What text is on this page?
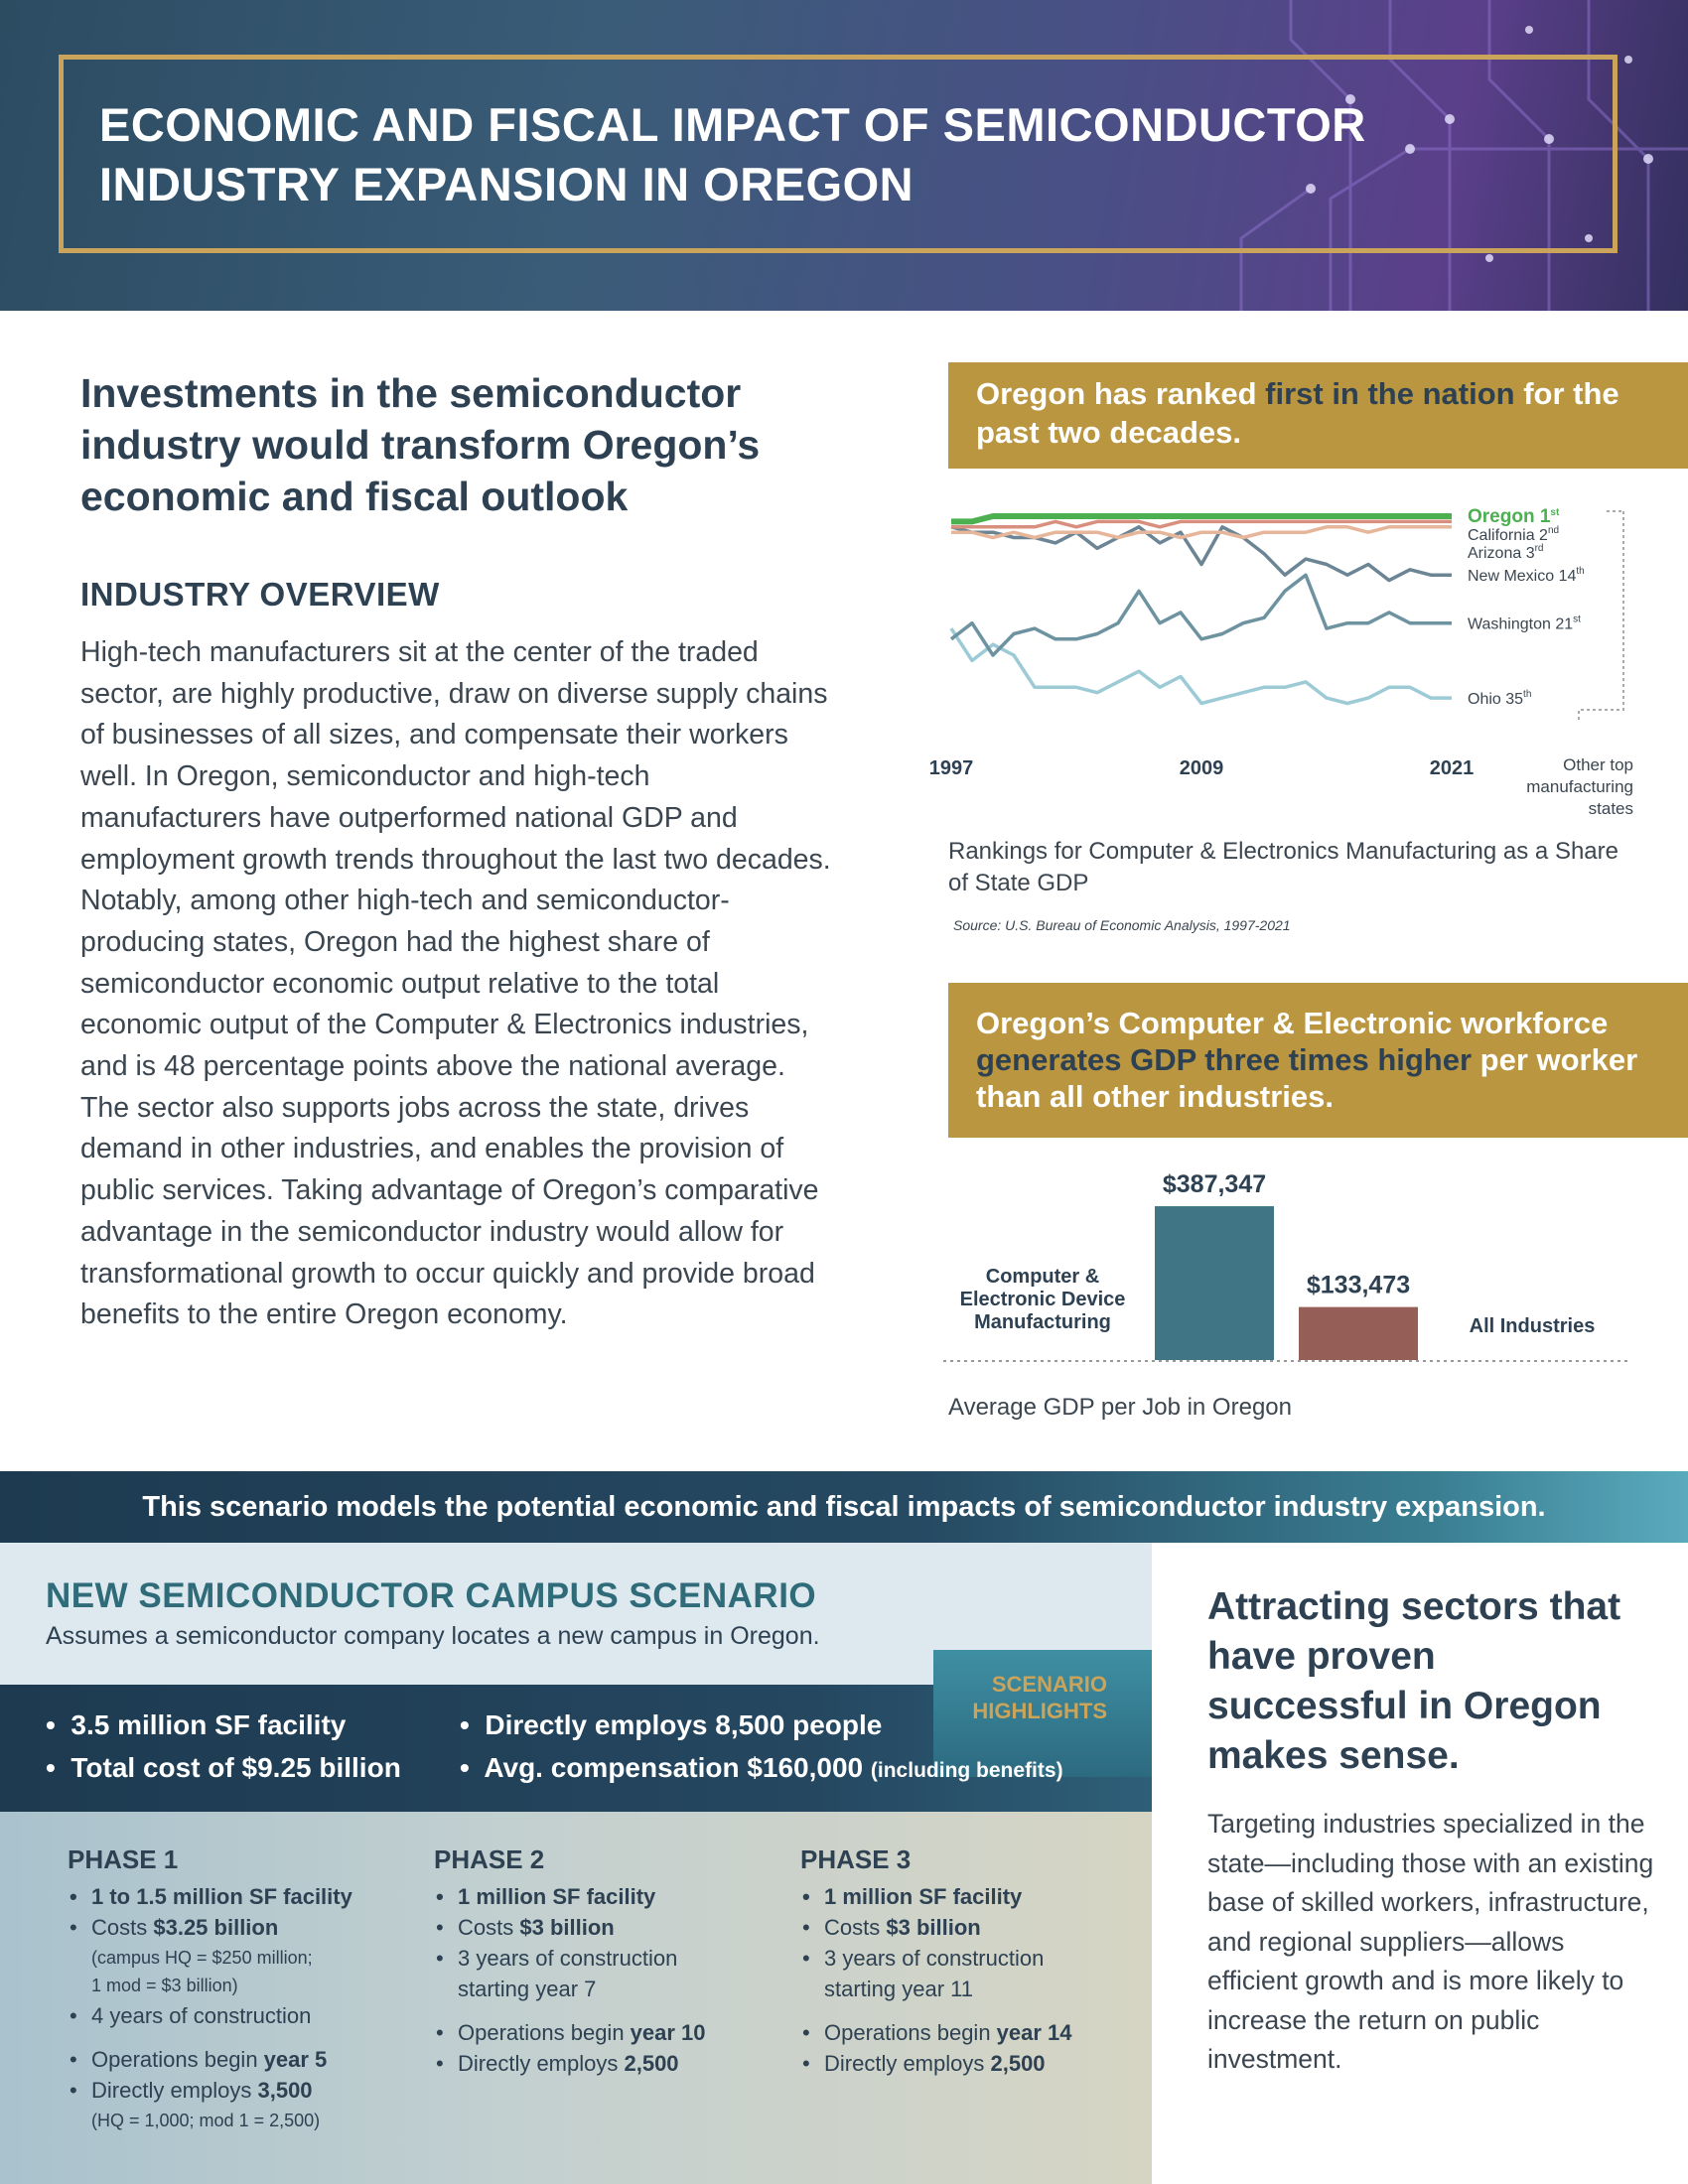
ECONOMIC AND FISCAL IMPACT OF SEMICONDUCTOR
INDUSTRY EXPANSION IN OREGON
Investments in the semiconductor industry would transform Oregon’s economic and fiscal outlook
INDUSTRY OVERVIEW
High-tech manufacturers sit at the center of the traded sector, are highly productive, draw on diverse supply chains of businesses of all sizes, and compensate their workers well. In Oregon, semiconductor and high-tech manufacturers have outperformed national GDP and employment growth trends throughout the last two decades. Notably, among other high-tech and semiconductor-producing states, Oregon had the highest share of semiconductor economic output relative to the total economic output of the Computer & Electronics industries, and is 48 percentage points above the national average. The sector also supports jobs across the state, drives demand in other industries, and enables the provision of public services. Taking advantage of Oregon’s comparative advantage in the semiconductor industry would allow for transformational growth to occur quickly and provide broad benefits to the entire Oregon economy.
Oregon has ranked first in the nation for the past two decades.
Oregon 1st
California 2nd
Arizona 3rd
New Mexico 14th
Washington 21st
Ohio 35th
1997	2009	2021	Other top
manufacturing
states
Rankings for Computer & Electronics Manufacturing as a Share of State GDP
Source: U.S. Bureau of Economic Analysis, 1997-2021
Oregon’s Computer & Electronic workforce generates GDP three times higher per worker than all other industries.
$387,347
$133,473
Computer & Electronic Device Manufacturing	All Industries
Average GDP per Job in Oregon
This scenario models the potential economic and fiscal impacts of semiconductor industry expansion.
NEW SEMICONDUCTOR CAMPUS SCENARIO
Assumes a semiconductor company locates a new campus in Oregon.
SCENARIO
HIGHLIGHTS
•  3.5 million SF facility
•  Total cost of $9.25 billion
•  Directly employs 8,500 people
•  Avg. compensation $160,000 (including benefits)
PHASE 1
• 1 to 1.5 million SF facility
• Costs $3.25 billion
(campus HQ = $250 million;
1 mod = $3 billion)
• 4 years of construction
• Operations begin year 5
• Directly employs 3,500
(HQ = 1,000; mod 1 = 2,500)
PHASE 2
• 1 million SF facility
• Costs $3 billion
• 3 years of construction
starting year 7
• Operations begin year 10
• Directly employs 2,500
PHASE 3
• 1 million SF facility
• Costs $3 billion
• 3 years of construction
starting year 11
• Operations begin year 14
• Directly employs 2,500
Attracting sectors that have proven successful in Oregon makes sense.
Targeting industries specialized in the state—including those with an existing base of skilled workers, infrastructure, and regional suppliers—allows efficient growth and is more likely to increase the return on public investment.
